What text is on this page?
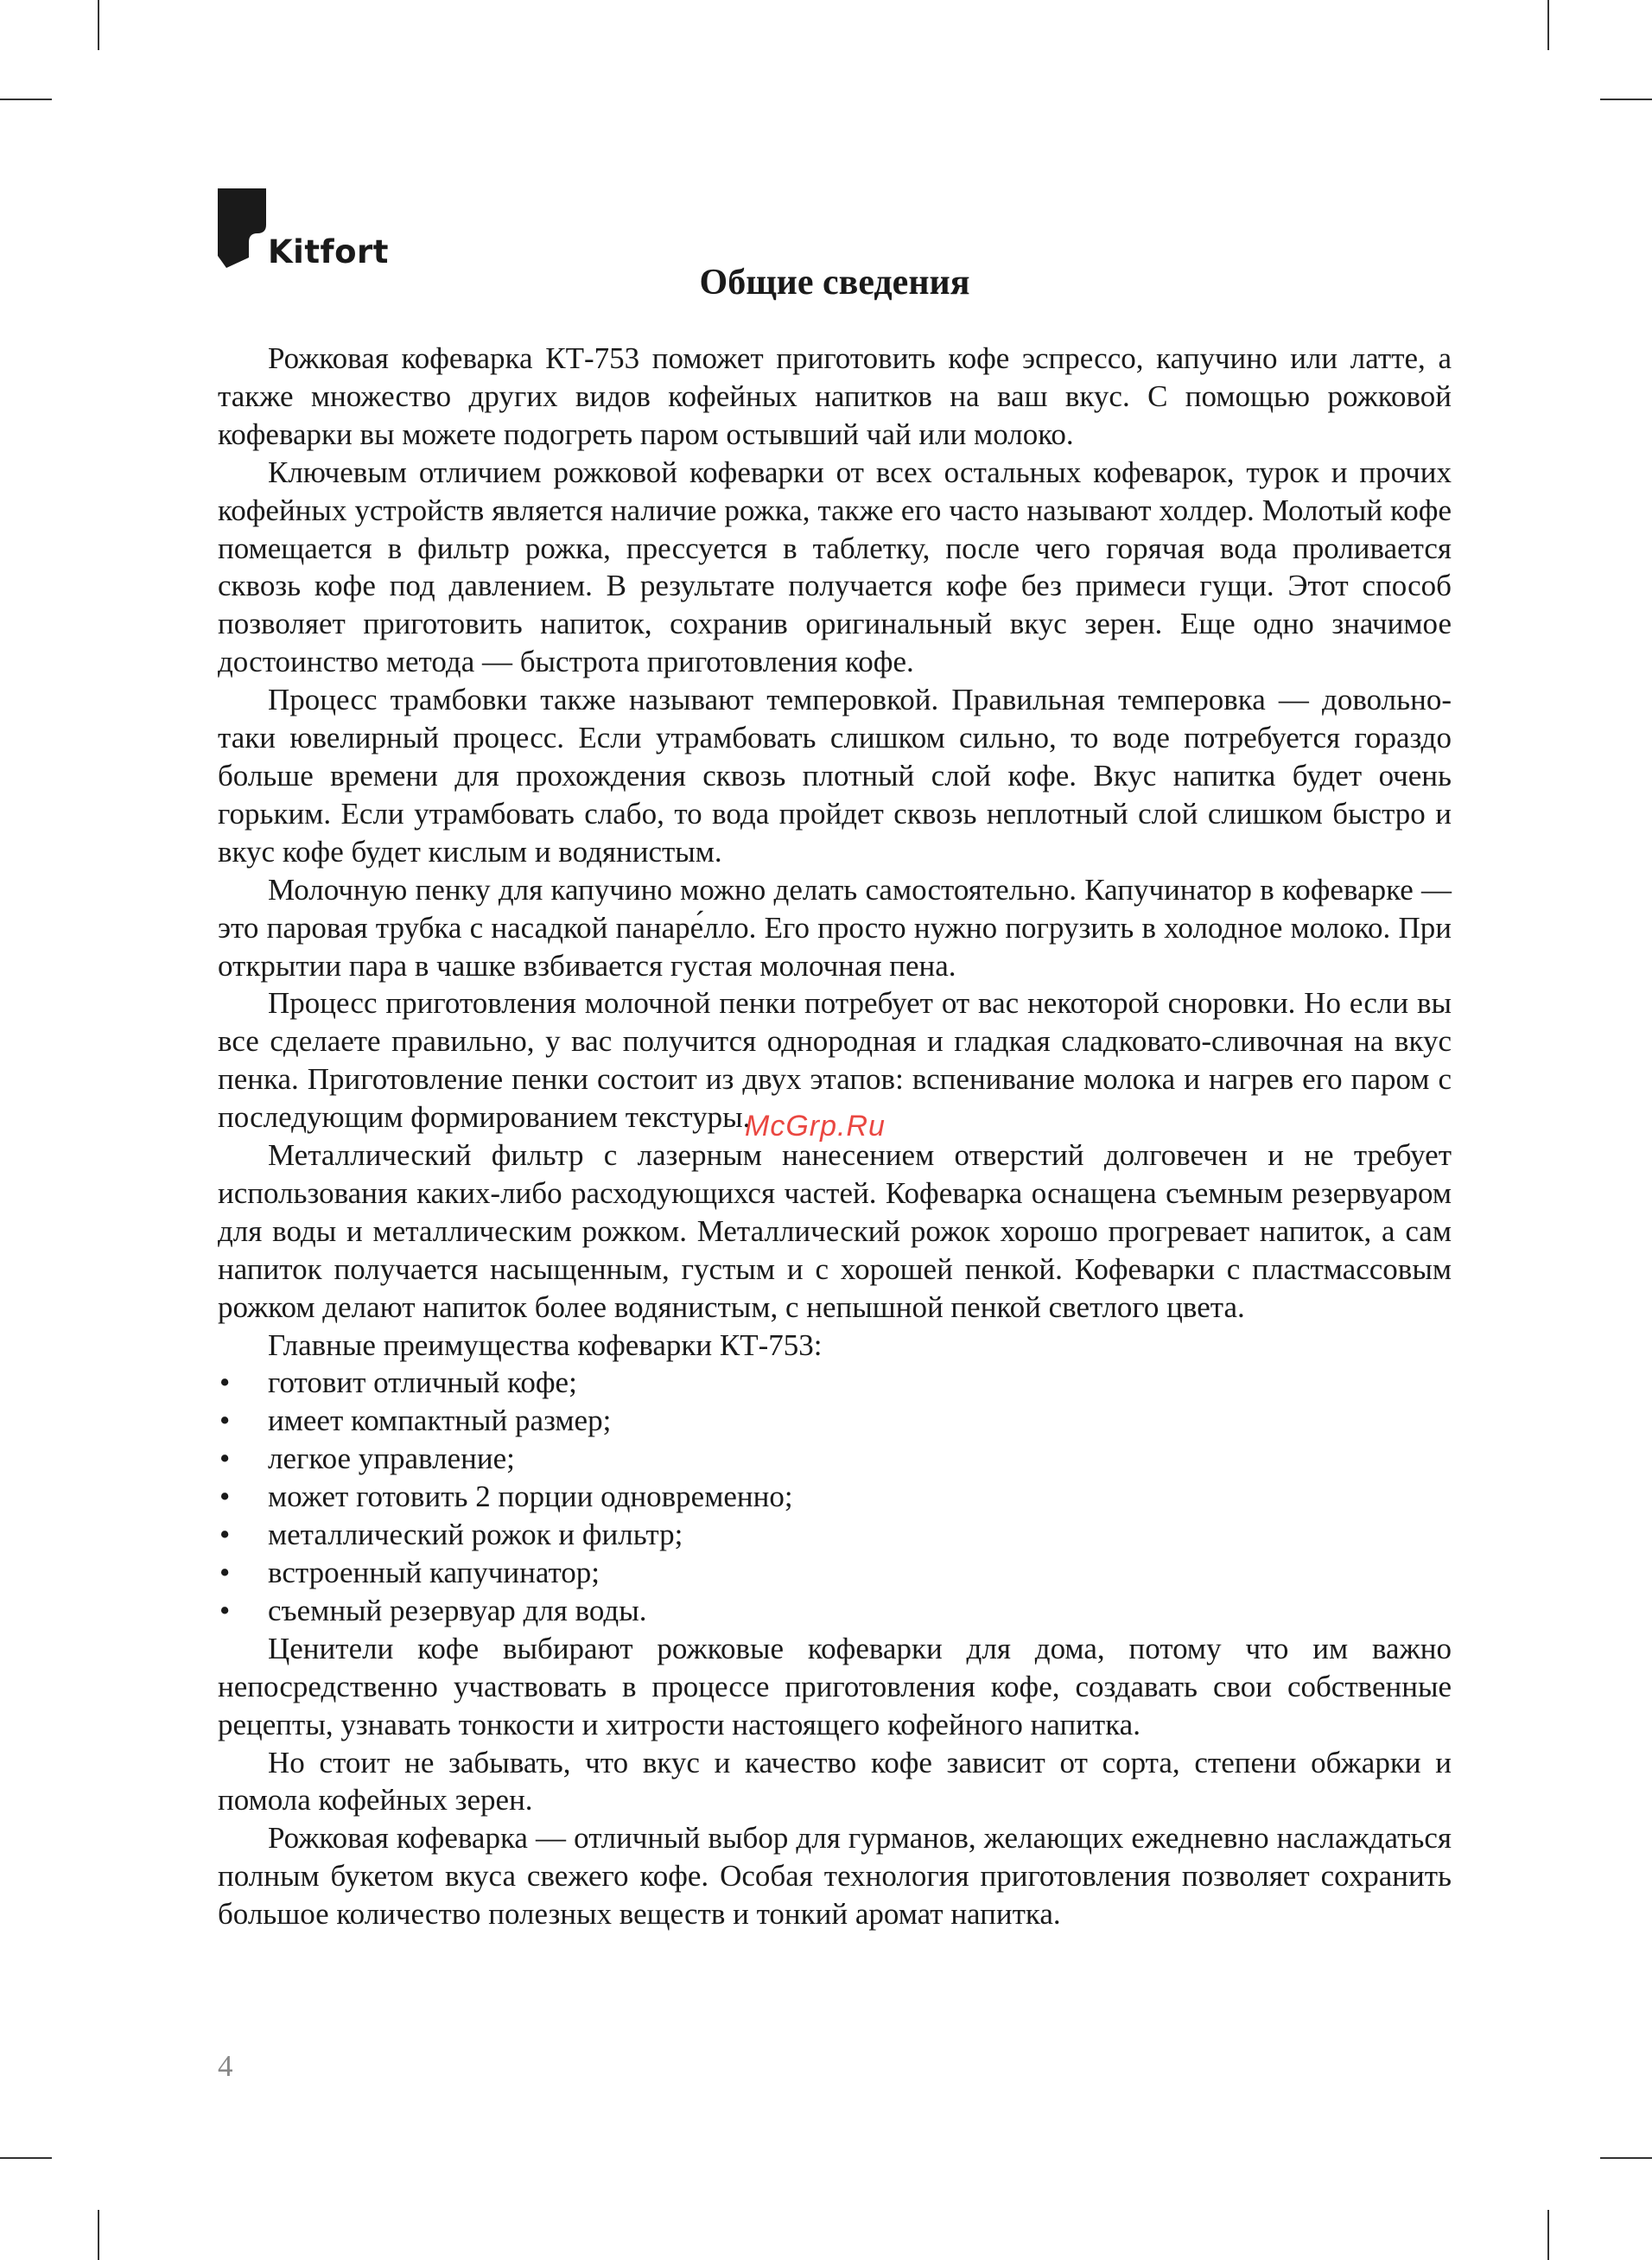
Kitfort
Общие сведения

Рожковая кофеварка КТ-753 поможет приготовить кофе эспрессо, капучино или латте, а также множество других видов кофейных напитков на ваш вкус. С помощью рожковой кофеварки вы можете подогреть паром остывший чай или молоко.

Ключевым отличием рожковой кофеварки от всех остальных кофеварок, турок и прочих кофейных устройств является наличие рожка, также его часто называют холдер. Молотый кофе помещается в фильтр рожка, прессуется в таблетку, после чего горячая вода проливается сквозь кофе под давлением. В результате получается кофе без примеси гущи. Этот способ позволяет приготовить напиток, сохранив оригинальный вкус зерен. Еще одно значимое достоинство метода — быстрота приготовления кофе.

Процесс трамбовки также называют темперовкой. Правильная темперовка — довольно-таки ювелирный процесс. Если утрамбовать слишком сильно, то воде потребуется гораздо больше времени для прохождения сквозь плотный слой кофе. Вкус напитка будет очень горьким. Если утрамбовать слабо, то вода пройдет сквозь неплотный слой слишком быстро и вкус кофе будет кислым и водянистым.

Молочную пенку для капучино можно делать самостоятельно. Капучинатор в кофеварке — это паровая трубка с насадкой панаре́лло. Его просто нужно погрузить в холодное молоко. При открытии пара в чашке взбивается густая молочная пена.

Процесс приготовления молочной пенки потребует от вас некоторой сноровки. Но если вы все сделаете правильно, у вас получится однородная и гладкая сладковато-сливочная на вкус пенка. Приготовление пенки состоит из двух этапов: вспенивание молока и нагрев его паром с последующим формированием текстуры.

Металлический фильтр с лазерным нанесением отверстий долговечен и не требует использования каких-либо расходующихся частей. Кофеварка оснащена съемным резервуаром для воды и металлическим рожком. Металлический рожок хорошо прогревает напиток, а сам напиток получается насыщенным, густым и с хорошей пенкой. Кофеварки с пластмассовым рожком делают напиток более водянистым, с непышной пенкой светлого цвета.

Главные преимущества кофеварки КТ-753:

• готовит отличный кофе;
• имеет компактный размер;
• легкое управление;
• может готовить 2 порции одновременно;
• металлический рожок и фильтр;
• встроенный капучинатор;
• съемный резервуар для воды.

Ценители кофе выбирают рожковые кофеварки для дома, потому что им важно непосредственно участвовать в процессе приготовления кофе, создавать свои собственные рецепты, узнавать тонкости и хитрости настоящего кофейного напитка.

Но стоит не забывать, что вкус и качество кофе зависит от сорта, степени обжарки и помола кофейных зерен.

Рожковая кофеварка — отличный выбор для гурманов, желающих ежедневно наслаждаться полным букетом вкуса свежего кофе. Особая технология приготовления позволяет сохранить большое количество полезных веществ и тонкий аромат напитка.

McGrp.Ru
4
